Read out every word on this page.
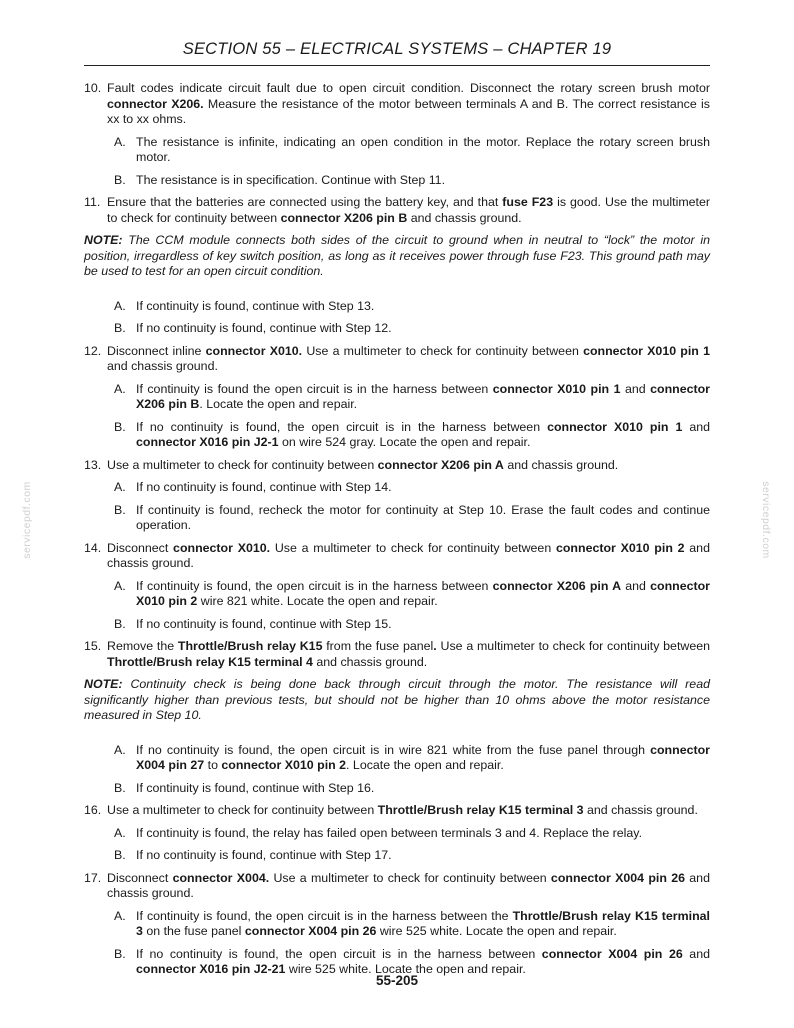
SECTION 55 – ELECTRICAL SYSTEMS – CHAPTER 19
servicepdf.com	servicepdf.com
10. Fault codes indicate circuit fault due to open circuit condition. Disconnect the rotary screen brush motor connector X206. Measure the resistance of the motor between terminals A and B. The correct resistance is xx to xx ohms.
A. The resistance is infinite, indicating an open condition in the motor. Replace the rotary screen brush motor.
B. The resistance is in specification. Continue with Step 11.
11. Ensure that the batteries are connected using the battery key, and that fuse F23 is good. Use the multimeter to check for continuity between connector X206 pin B and chassis ground.
NOTE: The CCM module connects both sides of the circuit to ground when in neutral to “lock” the motor in position, irregardless of key switch position, as long as it receives power through fuse F23. This ground path may be used to test for an open circuit condition.
A. If continuity is found, continue with Step 13.
B. If no continuity is found, continue with Step 12.
12. Disconnect inline connector X010. Use a multimeter to check for continuity between connector X010 pin 1 and chassis ground.
A. If continuity is found the open circuit is in the harness between connector X010 pin 1 and connector X206 pin B. Locate the open and repair.
B. If no continuity is found, the open circuit is in the harness between connector X010 pin 1 and connector X016 pin J2-1 on wire 524 gray. Locate the open and repair.
13. Use a multimeter to check for continuity between connector X206 pin A and chassis ground.
A. If no continuity is found, continue with Step 14.
B. If continuity is found, recheck the motor for continuity at Step 10. Erase the fault codes and continue operation.
14. Disconnect connector X010. Use a multimeter to check for continuity between connector X010 pin 2 and chassis ground.
A. If continuity is found, the open circuit is in the harness between connector X206 pin A and connector X010 pin 2 wire 821 white. Locate the open and repair.
B. If no continuity is found, continue with Step 15.
15. Remove the Throttle/Brush relay K15 from the fuse panel. Use a multimeter to check for continuity between Throttle/Brush relay K15 terminal 4 and chassis ground.
NOTE: Continuity check is being done back through circuit through the motor. The resistance will read significantly higher than previous tests, but should not be higher than 10 ohms above the motor resistance measured in Step 10.
A. If no continuity is found, the open circuit is in wire 821 white from the fuse panel through connector X004 pin 27 to connector X010 pin 2. Locate the open and repair.
B. If continuity is found, continue with Step 16.
16. Use a multimeter to check for continuity between Throttle/Brush relay K15 terminal 3 and chassis ground.
A. If continuity is found, the relay has failed open between terminals 3 and 4. Replace the relay.
B. If no continuity is found, continue with Step 17.
17. Disconnect connector X004. Use a multimeter to check for continuity between connector X004 pin 26 and chassis ground.
A. If continuity is found, the open circuit is in the harness between the Throttle/Brush relay K15 terminal 3 on the fuse panel connector X004 pin 26 wire 525 white. Locate the open and repair.
B. If no continuity is found, the open circuit is in the harness between connector X004 pin 26 and connector X016 pin J2-21 wire 525 white. Locate the open and repair.
55-205
